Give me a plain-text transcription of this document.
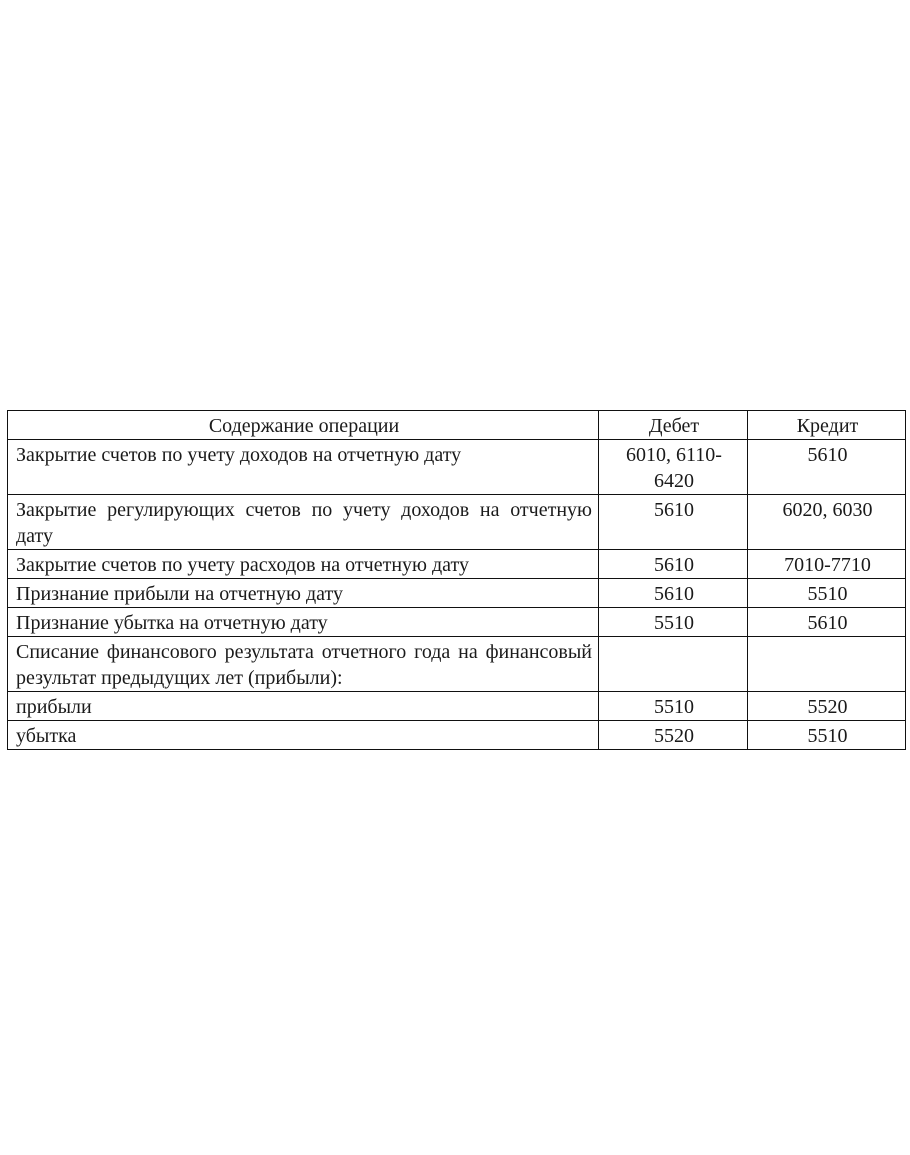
Содержание операции	Дебет	Кредит
Закрытие счетов по учету доходов на отчетную дату	6010, 6110-6420	5610
Закрытие регулирующих счетов по учету доходов на отчетную дату	5610	6020, 6030
Закрытие счетов по учету расходов на отчетную дату	5610	7010-7710
Признание прибыли на отчетную дату	5610	5510
Признание убытка на отчетную дату	5510	5610
Списание финансового результата отчетного года на финансовый результат предыдущих лет (прибыли):		
прибыли	5510	5520
убытка	5520	5510
